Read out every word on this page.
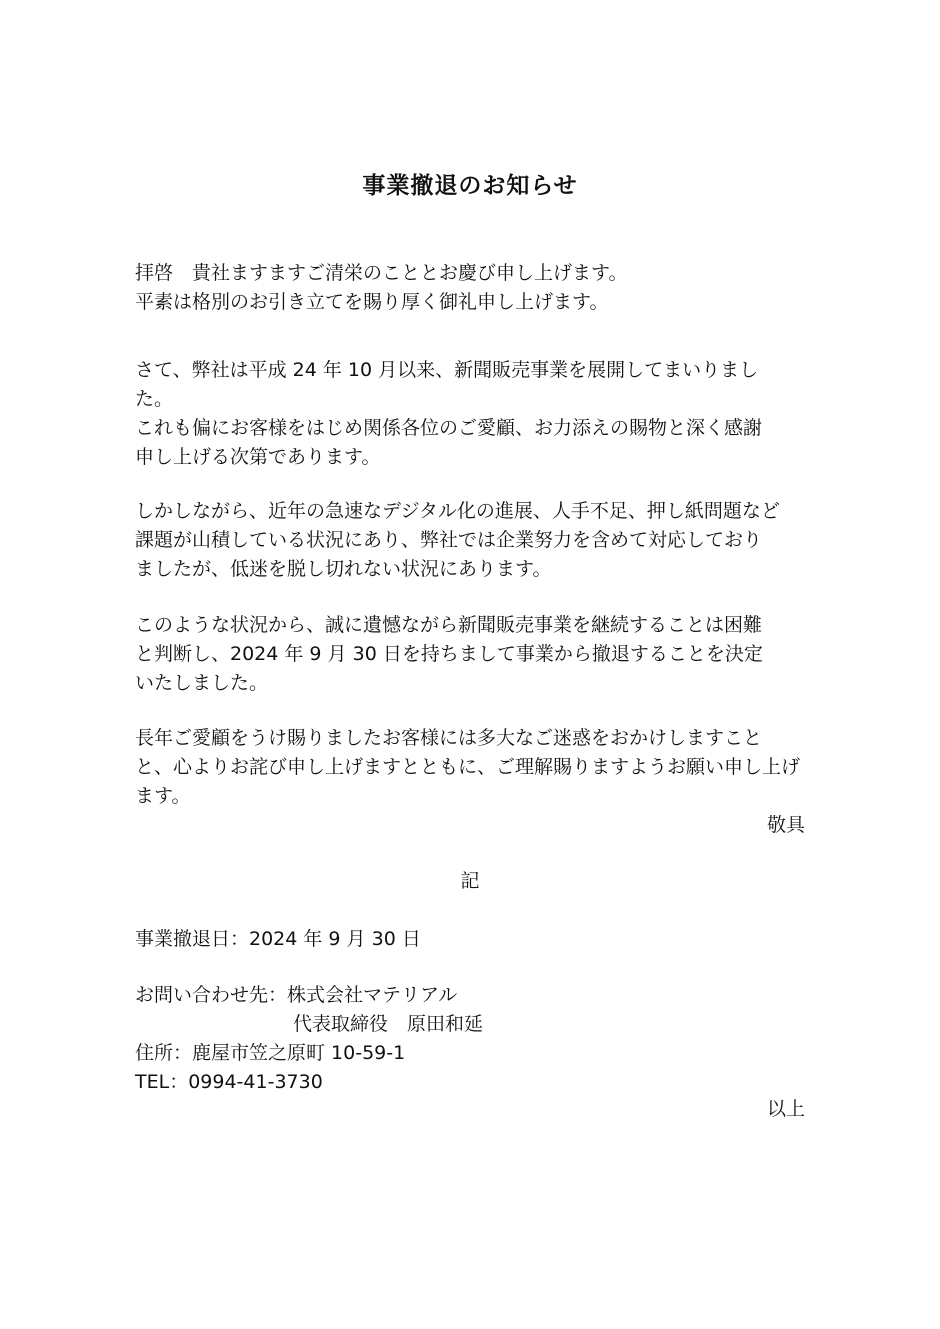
事業撤退のお知らせ
拝啓　貴社ますますご清栄のこととお慶び申し上げます。
平素は格別のお引き立てを賜り厚く御礼申し上げます。
さて、弊社は平成 24 年 10 月以来、新聞販売事業を展開してまいりまし
た。
これも偏にお客様をはじめ関係各位のご愛顧、お力添えの賜物と深く感謝
申し上げる次第であります。
しかしながら、近年の急速なデジタル化の進展、人手不足、押し紙問題など
課題が山積している状況にあり、弊社では企業努力を含めて対応しており
ましたが、低迷を脱し切れない状況にあります。
このような状況から、誠に遺憾ながら新聞販売事業を継続することは困難
と判断し、2024 年 9 月 30 日を持ちまして事業から撤退することを決定
いたしました。
長年ご愛顧をうけ賜りましたお客様には多大なご迷惑をおかけしますこと
と、心よりお詫び申し上げますとともに、ご理解賜りますようお願い申し上げ
ます。

敬具

記

事業撤退日：2024 年 9 月 30 日
お問い合わせ先：株式会社マテリアル
代表取締役　原田和延
住所：鹿屋市笠之原町 10-59-1
TEL：0994-41-3730

以上
